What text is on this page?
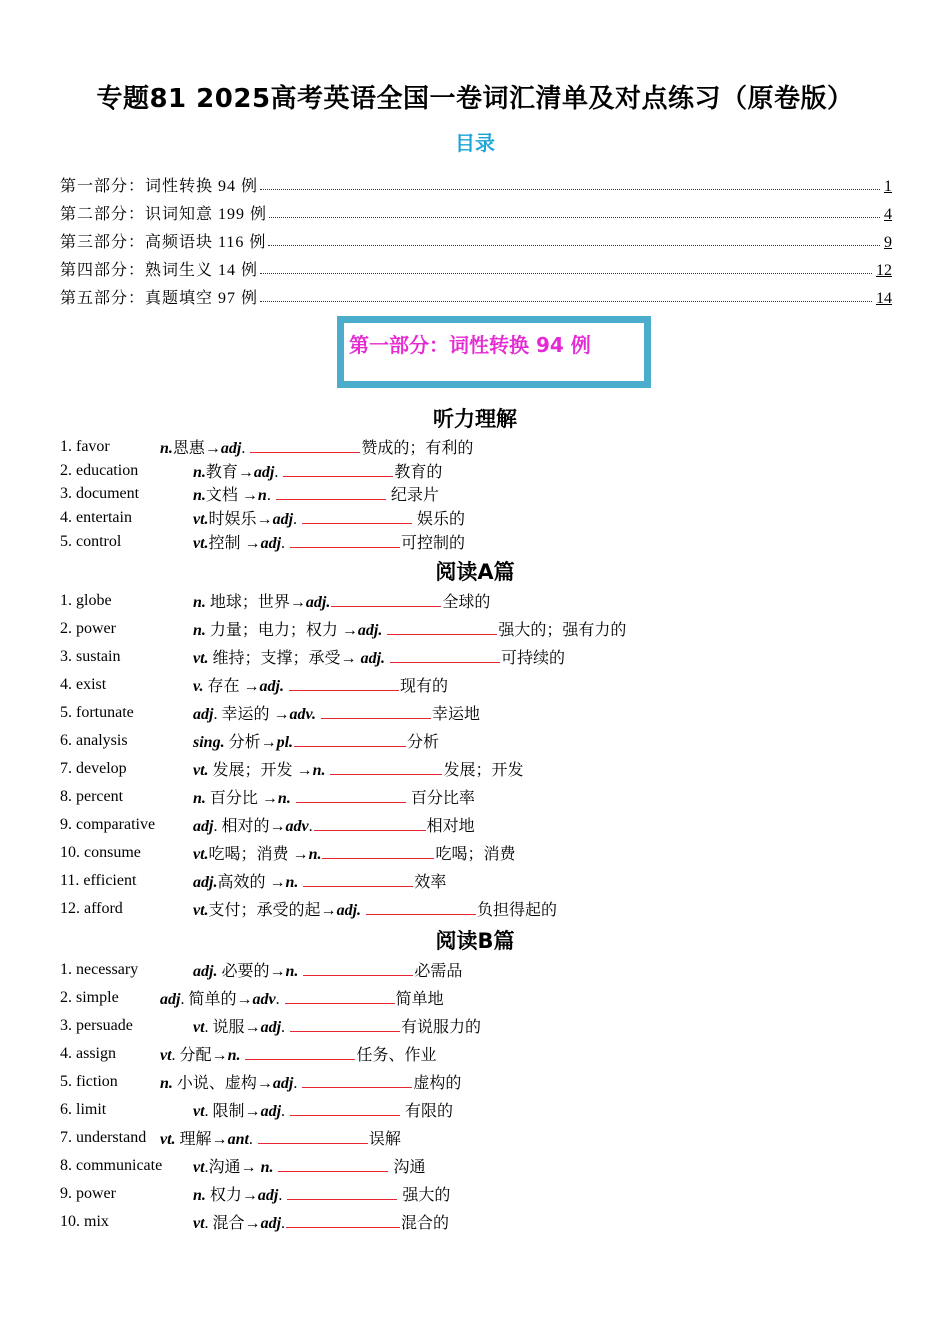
专题81 2025高考英语全国一卷词汇清单及对点练习（原卷版）
目录
第一部分：词性转换 94 例	1
第二部分：识词知意 199 例	4
第三部分：高频语块 116 例	9
第四部分：熟词生义 14 例	12
第五部分：真题填空 97 例	14
第一部分：词性转换 94 例
听力理解
1. favor	n.恩惠→adj.	赞成的；有利的
2. education	n.教育→adj.	教育的
3. document	n.文档 →n.	纪录片
4. entertain	vt.时娱乐→adj.	娱乐的
5. control	vt.控制 →adj.	可控制的
阅读A篇
1. globe	n. 地球；世界→adj.	全球的
2. power	n. 力量；电力；权力 →adj.	强大的；强有力的
3. sustain	vt. 维持；支撑；承受→ adj.	可持续的
4. exist	v. 存在 →adj.	现有的
5. fortunate	adj. 幸运的 →adv.	幸运地
6. analysis	sing. 分析→pl.	分析
7. develop	vt. 发展；开发 →n.	发展；开发
8. percent	n. 百分比 →n.	百分比率
9. comparative adj. 相对的→adv.	相对地
10. consume	vt.吃喝；消费 →n.	吃喝；消费
11. efficient	adj.高效的 →n.	效率
12. afford	vt.支付；承受的起→adj.	负担得起的
阅读B篇
1. necessary	adj. 必要的→n.	必需品
2. simple	adj. 简单的→adv.	简单地
3. persuade	vt. 说服→adj.	有说服力的
4. assign	vt. 分配→n.	任务、作业
5. fiction	n. 小说、虚构→adj.	虚构的
6. limit	vt. 限制→adj.	有限的
7. understand vt. 理解→ant.	误解
8. communicate vt.沟通→ n.	沟通
9. power	n. 权力→adj.	强大的
10. mix	vt. 混合→adj.	混合的
